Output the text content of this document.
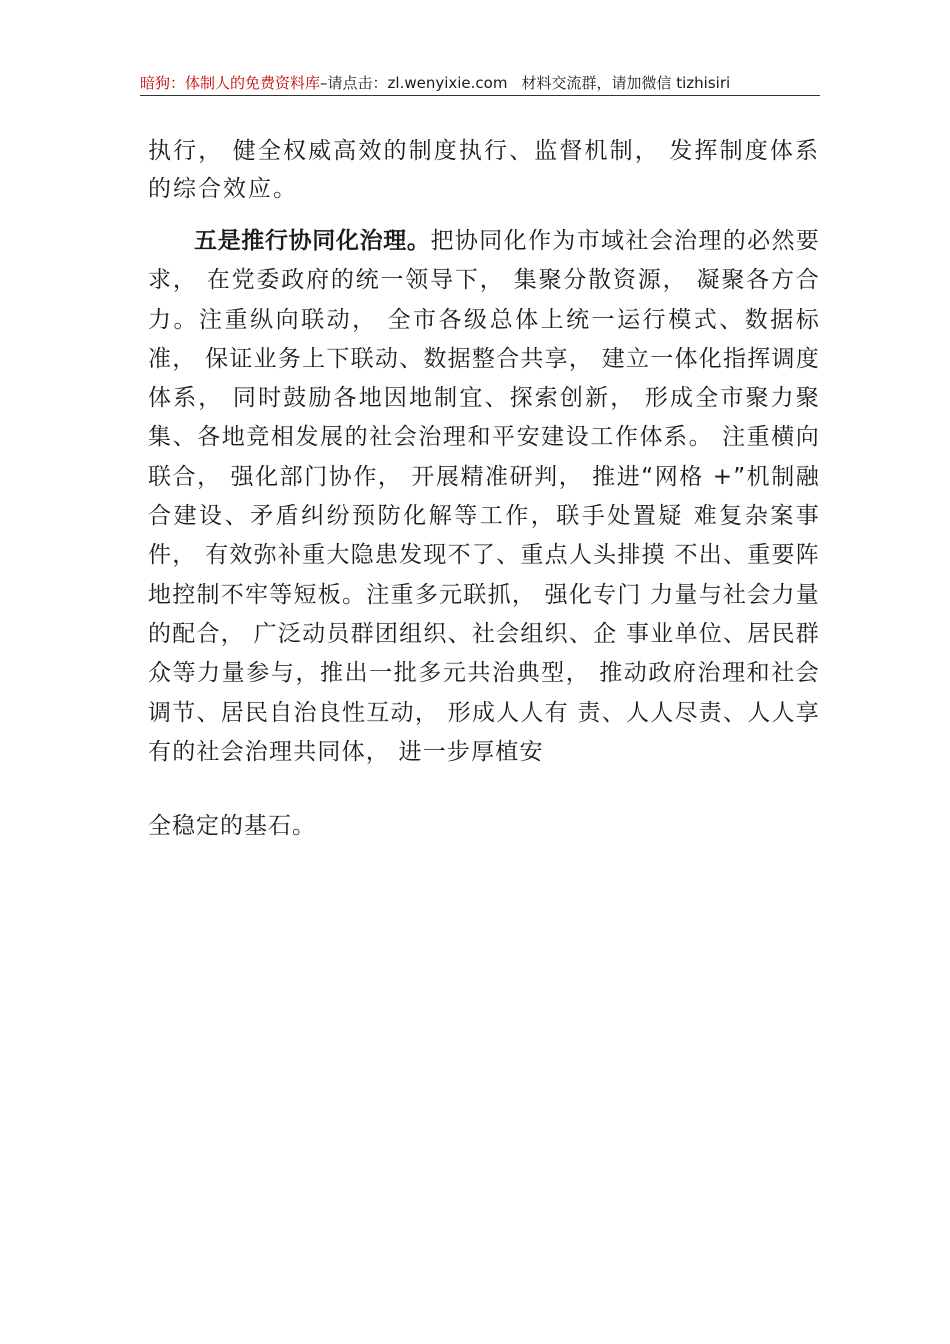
暗狗：体制人的免费资料库–请点击：zl.wenyixie.com 材料交流群，请加微信 tizhisiri
执行， 健全权威高效的制度执行、监督机制， 发挥制度体系的综合效应。
五是推行协同化治理。把协同化作为市域社会治理的必然要求， 在党委政府的统一领导下， 集聚分散资源， 凝聚各方合力。注重纵向联动， 全市各级总体上统一运行模式、数据标准， 保证业务上下联动、数据整合共享， 建立一体化指挥调度体系， 同时鼓励各地因地制宜、探索创新， 形成全市聚力聚集、各地竞相发展的社会治理和平安建设工作体系。 注重横向联合， 强化部门协作， 开展精准研判， 推进“网格 +”机制融合建设、矛盾纠纷预防化解等工作，联手处置疑 难复杂案事件， 有效弥补重大隐患发现不了、重点人头排摸 不出、重要阵地控制不牢等短板。注重多元联抓， 强化专门 力量与社会力量的配合， 广泛动员群团组织、社会组织、企 事业单位、居民群众等力量参与，推出一批多元共治典型， 推动政府治理和社会调节、居民自治良性互动， 形成人人有 责、人人尽责、人人享有的社会治理共同体， 进一步厚植安
全稳定的基石。
